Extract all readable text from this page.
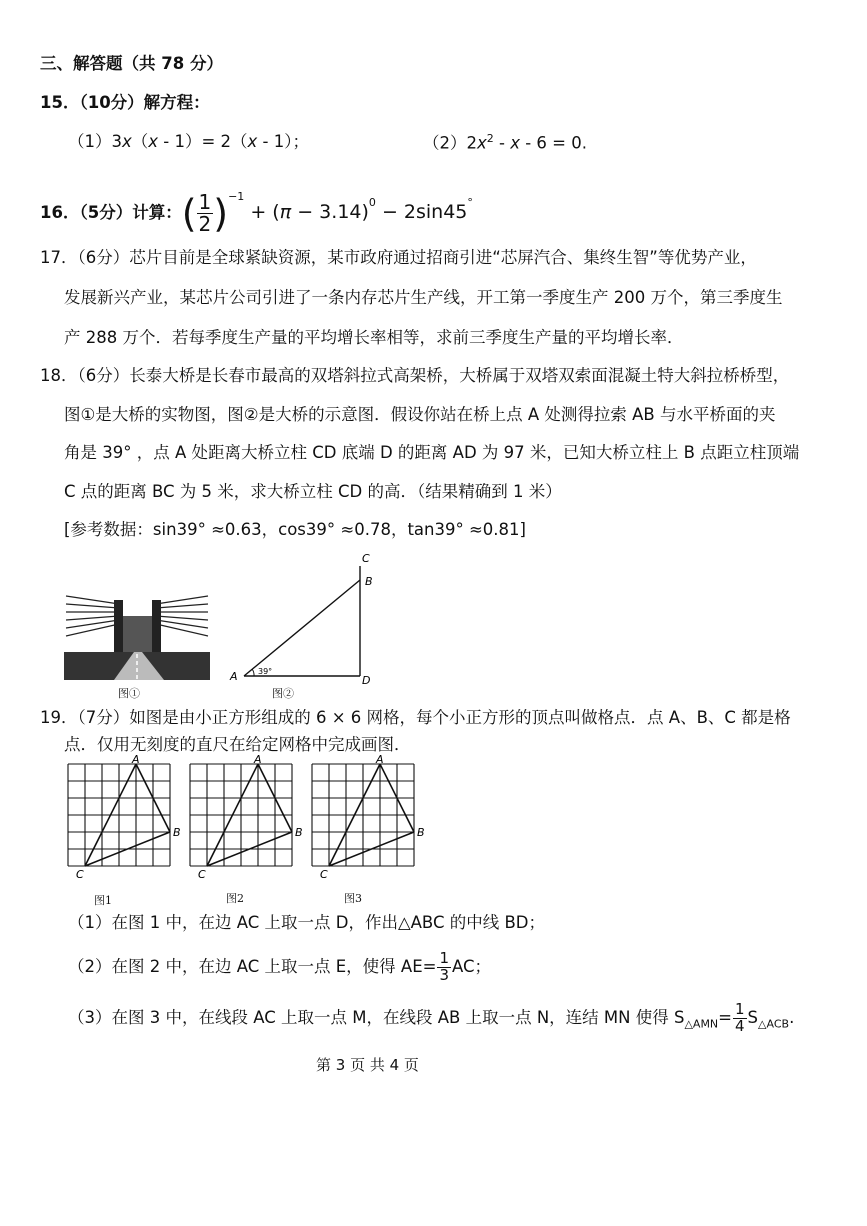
三、解答题（共 78 分）
15．（10分）解方程：
（1）3x（x - 1）= 2（x - 1）；	$(2)2x^2 - x - 6 = 0$.
16．（5分）计算：( $\frac{1}{2} )^{-1} + (\pi - 3.14)^0 - 2\sin 45^\circ$
17．（6分）芯片目前是全球紧缺资源，某市政府通过招商引进“芯屏汽合、集终生智”等优势产业，
发展新兴产业，某芯片公司引进了一条内存芯片生产线，开工第一季度生产 200 万个，第三季度生
产 288 万个．若每季度生产量的平均增长率相等，求前三季度生产量的平均增长率．
18．（6分）长泰大桥是长春市最高的双塔斜拉式高架桥，大桥属于双塔双索面混凝土特大斜拉桥桥型，
图①是大桥的实物图，图②是大桥的示意图．假设你站在桥上点 A 处测得拉索 AB 与水平桥面的夹
角是 39° ，点 A 处距离大桥立柱 CD 底端 D 的距离 AD 为 97 米，已知大桥立柱上 B 点距立柱顶端
C 点的距离 BC 为 5 米，求大桥立柱 CD 的高．（结果精确到 1 米）
[参考数据：sin39° ≈0.63，cos39° ≈0.78，tan39° ≈0.81]
图①
C
B
A	D
39°
图②
19．（7分）如图是由小正方形组成的 6 × 6 网格，每个小正方形的顶点叫做格点．点 A、B、C 都是格
点．仅用无刻度的直尺在给定网格中完成画图．
A
B
C
A
B
C
A
B
C
图1	图2	图3
（1）在图 1 中，在边 AC 上取一点 D，作出△ABC 的中线 BD；
（2）在图 2 中，在边 AC 上取一点 E，使得 $AE= \frac{1}{3}$ AC；
（3）在图 3 中，在线段 AC 上取一点 M，在线段 AB 上取一点 N，连结 MN 使得 $S_{\triangle AMN}= \frac{1}{4} S_{\triangle ACB}$.
第 3 页 共 4 页
